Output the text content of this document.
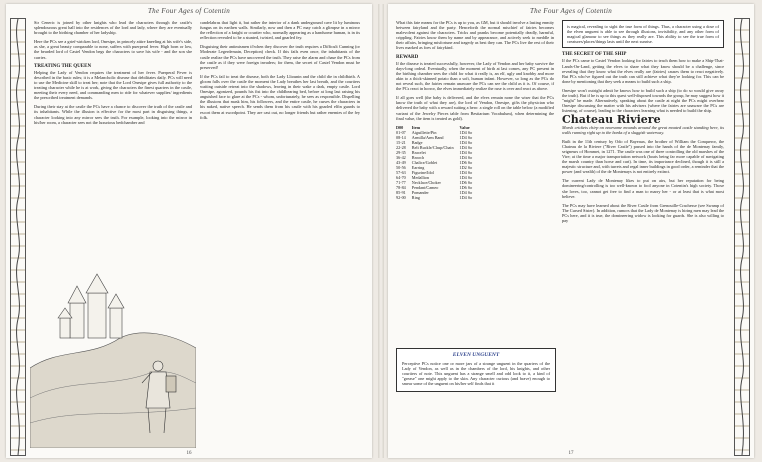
The Four Ages of Cotentin

Sir Ceneric is joined by other knights who lead the characters through the castle's splendourous great hall into the residences of the lord and lady, where they are eventually brought to the birthing chamber of her ladyship.

Here the PCs see a grief-stricken lord, Onesipe, in princely attire kneeling at his wife's side, as she, a great beauty comparable to none, suffers with puerperal fever. High born or low, the bearded lord of Castel Vendon begs the characters to save his wife - and the son she carries.

TREATING THE QUEEN

Helping the Lady of Vendon requires the treatment of her fever. Puerperal Fever is described in the basic rules; it is a Melancholic disease that debilitates daily. PCs will need to use the Medicine skill to treat her; note that the Lord Onesipe gives full authority to the treating character while he is at work, giving the characters the finest quarters in the castle, meeting their every need, and commanding men to ride for whatever supplies/ ingredients the prescribed treatment demands.

During their stay at the castle the PCs have a chance to discover the truth of the castle and its inhabitants. While the illusion is effective for the most part in disguising things, a character looking into any mirror sees the truth. For example, looking into the mirror in his/her room, a character sees not the luxurious bedchamber and

candelabras that light it, but rather the interior of a dank underground cave lit by luminous fungus on its earthen walls. Similarly, now and then a PC may catch a glimpse in a mirror the reflection of a knight or courtier who, normally appearing as a handsome human, is in its reflection revealed to be a stunted, twisted, and gnarled fey.

Disguising their antimismen if/when they discover the truth requires a Difficult Cunning (or Moderate Legerdemain, Deception) check. If this fails even once, the inhabitants of the castle realize the PCs have uncovered the truth. They raise the alarm and chase the PCs from the castle as if they were foreign invaders; for them, the secret of Castel Vendon must be preserved!

If the PCs fail to treat the disease, both the Lady Lliounin and the child die in childbirth. A gloom falls over the castle the moment the Lady breathes her last breath, and the courtiers waiting outside retreat into the shadows, leaving in their wake a dark, empty castle. Lord Onesipe, agonized, pounds his fist into the childbearing bed, before at long last raising his anguished face to glare at the PCs - whom, unfortunately, he sees as responsible. Dispelling the illusions that mask him, his followers, and the entire castle, he curses the characters in his naked, native speech. He sends them from his castle with his gnarled elfin guards to escort them at swordpoint. They are cast out, no longer friends but rather enemies of the fey folk.

16
The Four Ages of Cotentin

What this fate means for the PCs is up to you, as GM, but it should involve a lasting enmity between fairyland and the party. Henceforth the normal mischief of fairies becomes malevolent against the characters. Tricks and pranks become potentially deadly, harmful, crippling. Fairies know them by name and by appearance, and actively seek to meddle in their affairs, bringing misfortune and tragedy as best they can. The PCs live the rest of their lives marked as foes of fairykind.

REWARD

If the disease is treated successfully, however, the Lady of Vendon and her baby survive the days-long ordeal. Eventually, when the moment of birth at last comes, any PC present in the birthing chamber sees the child for what it really is, an elf, ugly and knobby and more akin to a thick-skinned potato than a soft, human infant. However, so long as the PCs do not reveal such, the fairies remain unaware the PCs can see the child as it is. Of course, if the PCs react in horror, the elves immediately realize the ruse is over and react as above.

If all goes well (the baby is delivered, and the elves remain none the wiser that the PCs know the truth of what they are), the lord of Vendon, Onesipe, gifts the physician who delivered the baby with a reward suiting a hero: a single roll on the table below (a modified variant of the Jewelry Pieces table from Bestiarium Vocabulum), when determining the final value, the item is treated as gold).

D00	Item	Value
01-07	Aiguillette/Pin	1D4 So
08-14	Armilla/Arm Band	1D4 So
15-21	Badge	1D4 So
22-28	Belt Buckle/Clasp/Chain	1D4 So
29-35	Bracelet	1D4 So
36-42	Brooch	1D4 So
43-49	Chalice/Goblet	1D6 So
50-56	Earring	1D2 So
57-63	Figurine/Idol	1D4 So
64-70	Medallion	1D4 So
71-77	Necklace/Choker	1D6 So
78-84	Pendant/Cameo	1D6 So
85-91	Pomander	1D4 So
92-00	Ring	1D4 So
ELVEN UNGUENT
Perceptive PCs notice one or more jars of a strange unguent in the quarters of the Lady of Vendon, as well as in the chambers of the lord, his knights, and other courtiers of note. This unguent has a strange smell and odd look to it, a kind of "grease" one might apply to the skin. Any character curious (and brave) enough to smear some of the unguent on his/her self finds that it
is magical, revealing to sight the true form of things. Thus, a character using a dose of the elven unguent is able to see through illusions, invisibility, and any other form of magical glamour to see things as they really are. This ability to see the true form of creatures/places/things lasts until the next sunrise.
THE SECRET OF THE SHIP

If the PCs came to Castel Vendon looking for fairies to teach them how to make a Ship-That-Lands-On-Land, getting the elves to share what they know should be a challenge, since revealing that they know what the elves really are (fairies) causes them to react negatively. But PCs who've figured out the truth can still achieve what they're looking for. This can be done by mentioning that they seek a means to build such a ship.

Onesipe won't outright admit he knows how to build such a ship (to do so would give away the truth). But if he is up to this quest well-disposed towards the group, he may suggest how it "might" be made. Alternatively, speaking about the castle at night the PCs might overhear Onesipe discussing the matter with his advisers (where the fairies are unaware the PCs are listening, of course), leading to the characters learning what is needed to build the ship.

Chateau Riviere

Marsh crickets chirp on nearsome mounds around the great moated castle standing here, its walls running right up to the banks of a sluggish waterway.

Built in the 11th century by Odo of Bayeaux, the brother of William the Conqueror, the Chateau de la Riviere ("River Castle") passed into the hands of the de Montenay family, seigneurs of Hommet, in 1271. The castle was one of three controlling the old marshes of the Vire; at the time a major transportation network (boats being far more capable of navigating the marsh country than horse and cart). In time, its importance declined, though it is still a majestic structure and, with turrets and regal inner buildings in good order, a reminder that the power (and wealth) of the de Montenays is not entirely extinct.

The current Lady de Montenay likes to put on airs, but her reputation for being domineering/controlling is too well-known to fool anyone in Cotentin's high society. Those she loves, too, cannot get free to find a man to marry her - or at least that is what most believe.

The PCs may have learned about the River Castle from Grenouille-Crachesse (see Swamp of The Cursed Sister). In addition, rumors that the Lady de Montenay is hiring men may lead the PCs here, and it is true, the domineering widow is looking for guards. She is also willing to pay

17
